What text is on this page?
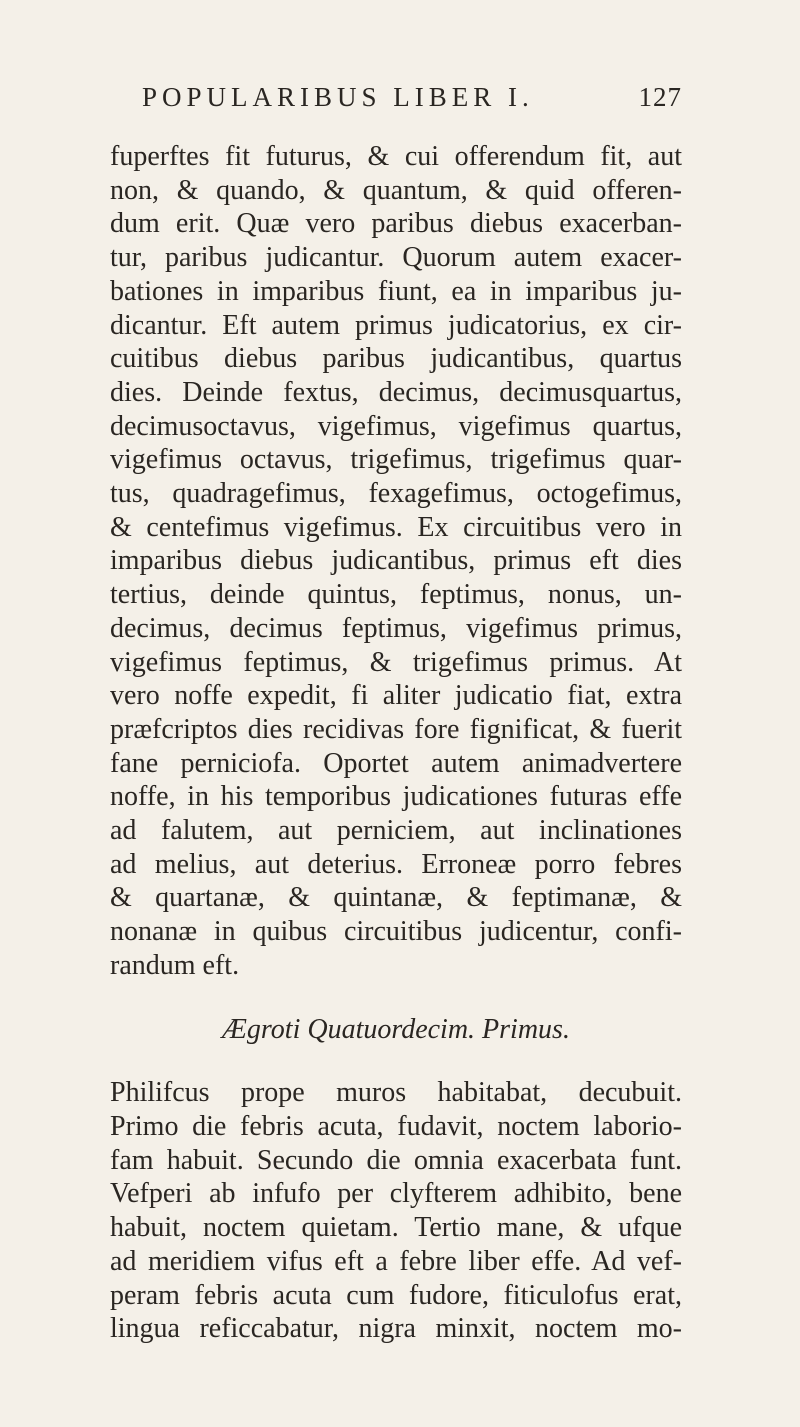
POPULARIBUS LIBER I.	127
fuperftes fit futurus, & cui offerendum fit, aut
non, & quando, & quantum, & quid offeren-
dum erit. Quæ vero paribus diebus exacerban-
tur, paribus judicantur. Quorum autem exacer-
bationes in imparibus fiunt, ea in imparibus ju-
dicantur. Eft autem primus judicatorius, ex cir-
cuitibus diebus paribus judicantibus, quartus
dies. Deinde fextus, decimus, decimusquartus,
decimusoctavus, vigefimus, vigefimus quartus,
vigefimus octavus, trigefimus, trigefimus quar-
tus, quadragefimus, fexagefimus, octogefimus,
& centefimus vigefimus. Ex circuitibus vero in
imparibus diebus judicantibus, primus eft dies
tertius, deinde quintus, feptimus, nonus, un-
decimus, decimus feptimus, vigefimus primus,
vigefimus feptimus, & trigefimus primus. At
vero noffe expedit, fi aliter judicatio fiat, extra
præfcriptos dies recidivas fore fignificat, & fuerit
fane perniciofa. Oportet autem animadvertere
noffe, in his temporibus judicationes futuras effe
ad falutem, aut perniciem, aut inclinationes
ad melius, aut deterius. Erroneæ porro febres
& quartanæ, & quintanæ, & feptimanæ, &
nonanæ in quibus circuitibus judicentur, confi-
randum eft.
Ægroti Quatuordecim. Primus.
Philifcus prope muros habitabat, decubuit.
Primo die febris acuta, fudavit, noctem laborio-
fam habuit. Secundo die omnia exacerbata funt.
Vefperi ab infufo per clyfterem adhibito, bene
habuit, noctem quietam. Tertio mane, & ufque
ad meridiem vifus eft a febre liber effe. Ad vef-
peram febris acuta cum fudore, fiticulofus erat,
lingua reficcabatur, nigra minxit, noctem mo-
